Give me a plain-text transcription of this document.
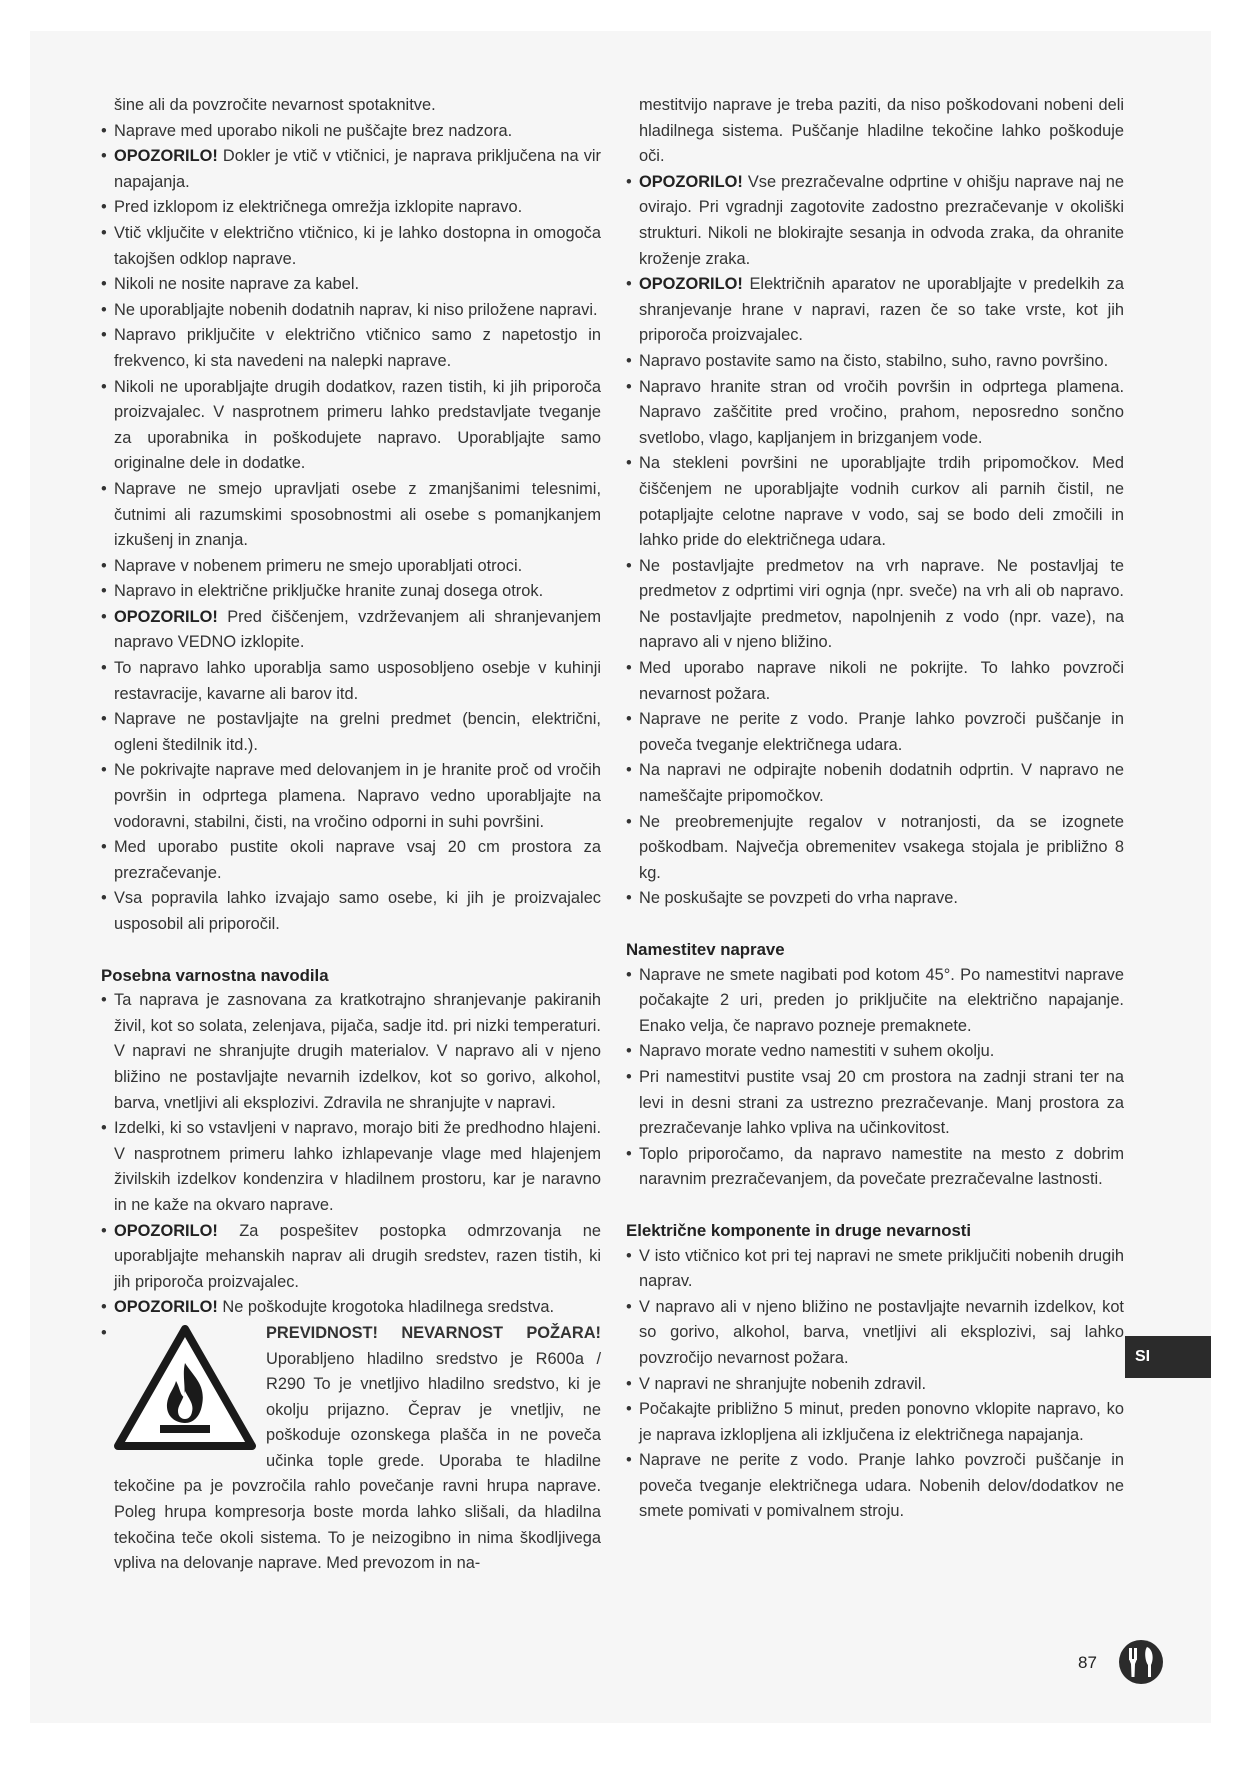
šine ali da povzročite nevarnost spotaknitve.
• Naprave med uporabo nikoli ne puščajte brez nadzora.
• OPOZORILO! Dokler je vtič v vtičnici, je naprava priključena na vir napajanja.
• Pred izklopom iz električnega omrežja izklopite napravo.
• Vtič vključite v električno vtičnico, ki je lahko dostopna in omogoča takojšen odklop naprave.
• Nikoli ne nosite naprave za kabel.
• Ne uporabljajte nobenih dodatnih naprav, ki niso priložene napravi.
• Napravo priključite v električno vtičnico samo z napetostjo in frekvenco, ki sta navedeni na nalepki naprave.
• Nikoli ne uporabljajte drugih dodatkov, razen tistih, ki jih priporoča proizvajalec. V nasprotnem primeru lahko predstavljate tveganje za uporabnika in poškodujete napravo. Uporabljajte samo originalne dele in dodatke.
• Naprave ne smejo upravljati osebe z zmanjšanimi telesnimi, čutnimi ali razumskimi sposobnostmi ali osebe s pomanjkanjem izkušenj in znanja.
• Naprave v nobenem primeru ne smejo uporabljati otroci.
• Napravo in električne priključke hranite zunaj dosega otrok.
• OPOZORILO! Pred čiščenjem, vzdrževanjem ali shranjevanjem napravo VEDNO izklopite.
• To napravo lahko uporablja samo usposobljeno osebje v kuhinji restavracije, kavarne ali barov itd.
• Naprave ne postavljajte na grelni predmet (bencin, električni, ogleni štedilnik itd.).
• Ne pokrivajte naprave med delovanjem in je hranite proč od vročih površin in odprtega plamena. Napravo vedno uporabljajte na vodoravni, stabilni, čisti, na vročino odporni in suhi površini.
• Med uporabo pustite okoli naprave vsaj 20 cm prostora za prezračevanje.
• Vsa popravila lahko izvajajo samo osebe, ki jih je proizvajalec usposobil ali priporočil.
Posebna varnostna navodila
• Ta naprava je zasnovana za kratkotrajno shranjevanje pakiranih živil, kot so solata, zelenjava, pijača, sadje itd. pri nizki temperaturi. V napravi ne shranjujte drugih materialov. V napravo ali v njeno bližino ne postavljajte nevarnih izdelkov, kot so gorivo, alkohol, barva, vnetljivi ali eksplozivi. Zdravila ne shranjujte v napravi.
• Izdelki, ki so vstavljeni v napravo, morajo biti že predhodno hlajeni. V nasprotnem primeru lahko izhlapevanje vlage med hlajenjem živilskih izdelkov kondenzira v hladilnem prostoru, kar je naravno in ne kaže na okvaro naprave.
• OPOZORILO! Za pospešitev postopka odmrzovanja ne uporabljajte mehanskih naprav ali drugih sredstev, razen tistih, ki jih priporoča proizvajalec.
• OPOZORILO! Ne poškodujte krogotoka hladilnega sredstva.
• PREVIDNOST! NEVARNOST POŽARA!
Uporabljeno hladilno sredstvo je R600a / R290 To je vnetljivo hladilno sredstvo, ki je okolju prijazno. Čeprav je vnetljiv, ne poškoduje ozonskega plašča in ne poveča učinka tople grede. Uporaba te hladilne tekočine pa je povzročila rahlo povečanje ravni hrupa naprave. Poleg hrupa kompresorja boste morda lahko slišali, da hladilna tekočina teče okoli sistema. To je neizogibno in nima škodljivega vpliva na delovanje naprave. Med prevozom in na-
mestitvijo naprave je treba paziti, da niso poškodovani nobeni deli hladilnega sistema. Puščanje hladilne tekočine lahko poškoduje oči.
• OPOZORILO! Vse prezračevalne odprtine v ohišju naprave naj ne ovirajo. Pri vgradnji zagotovite zadostno prezračevanje v okoliški strukturi. Nikoli ne blokirajte sesanja in odvoda zraka, da ohranite kroženje zraka.
• OPOZORILO! Električnih aparatov ne uporabljajte v predelkih za shranjevanje hrane v napravi, razen če so take vrste, kot jih priporoča proizvajalec.
• Napravo postavite samo na čisto, stabilno, suho, ravno površino.
• Napravo hranite stran od vročih površin in odprtega plamena. Napravo zaščitite pred vročino, prahom, neposredno sončno svetlobo, vlago, kapljanjem in brizganjem vode.
• Na stekleni površini ne uporabljajte trdih pripomočkov. Med čiščenjem ne uporabljajte vodnih curkov ali parnih čistil, ne potapljajte celotne naprave v vodo, saj se bodo deli zmočili in lahko pride do električnega udara.
• Ne postavljajte predmetov na vrh naprave. Ne postavljaj te predmetov z odprtimi viri ognja (npr. sveče) na vrh ali ob napravo. Ne postavljajte predmetov, napolnjenih z vodo (npr. vaze), na napravo ali v njeno bližino.
• Med uporabo naprave nikoli ne pokrijte. To lahko povzroči nevarnost požara.
• Naprave ne perite z vodo. Pranje lahko povzroči puščanje in poveča tveganje električnega udara.
• Na napravi ne odpirajte nobenih dodatnih odprtin. V napravo ne nameščajte pripomočkov.
• Ne preobremenjujte regalov v notranjosti, da se izognete poškodbam. Največja obremenitev vsakega stojala je približno 8 kg.
• Ne poskušajte se povzpeti do vrha naprave.
Namestitev naprave
• Naprave ne smete nagibati pod kotom 45°. Po namestitvi naprave počakajte 2 uri, preden jo priključite na električno napajanje. Enako velja, če napravo pozneje premaknete.
• Napravo morate vedno namestiti v suhem okolju.
• Pri namestitvi pustite vsaj 20 cm prostora na zadnji strani ter na levi in desni strani za ustrezno prezračevanje. Manj prostora za prezračevanje lahko vpliva na učinkovitost.
• Toplo priporočamo, da napravo namestite na mesto z dobrim naravnim prezračevanjem, da povečate prezračevalne lastnosti.
Električne komponente in druge nevarnosti
• V isto vtičnico kot pri tej napravi ne smete priključiti nobenih drugih naprav.
• V napravo ali v njeno bližino ne postavljajte nevarnih izdelkov, kot so gorivo, alkohol, barva, vnetljivi ali eksplozivi, saj lahko povzročijo nevarnost požara.
• V napravi ne shranjujte nobenih zdravil.
• Počakajte približno 5 minut, preden ponovno vklopite napravo, ko je naprava izklopljena ali izključena iz električnega napajanja.
• Naprave ne perite z vodo. Pranje lahko povzroči puščanje in poveča tveganje električnega udara. Nobenih delov/dodatkov ne smete pomivati v pomivalnem stroju.
SI
87
